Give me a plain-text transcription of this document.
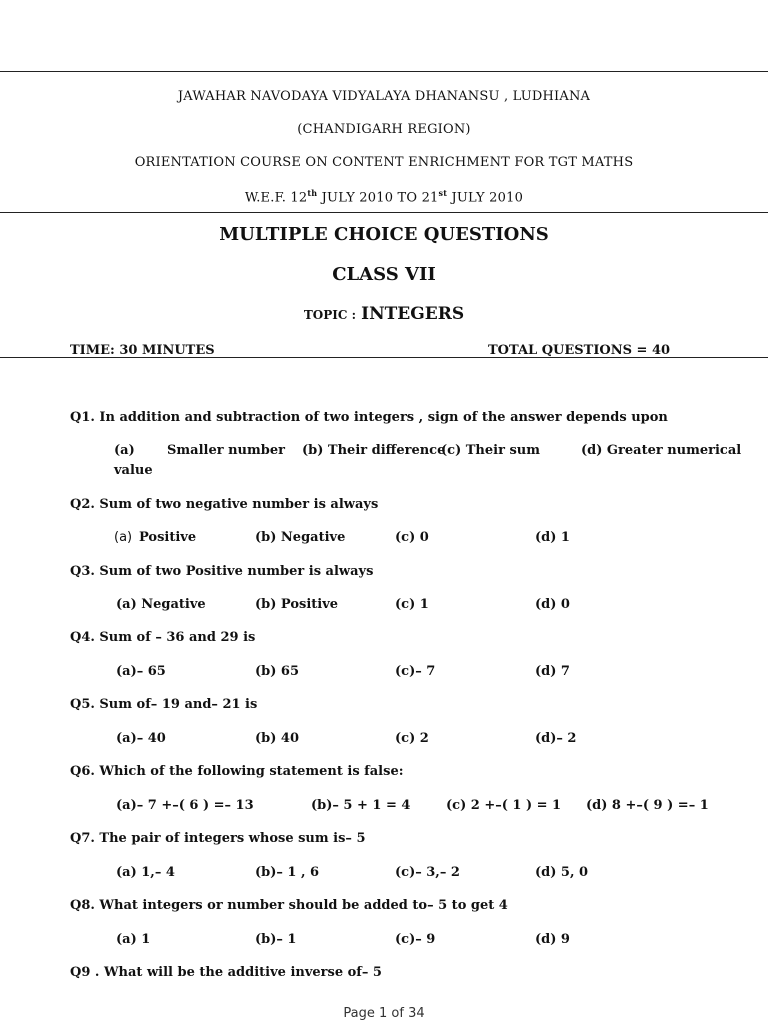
JAWAHAR NAVODAYA VIDYALAYA DHANANSU , LUDHIANA
(CHANDIGARH REGION)
ORIENTATION COURSE ON CONTENT ENRICHMENT FOR TGT MATHS
W.E.F. 12th JULY 2010 TO 21st JULY 2010
MULTIPLE CHOICE QUESTIONS
CLASS VII
TOPIC : INTEGERS
TIME: 30 MINUTES	TOTAL QUESTIONS = 40
Q1. In addition and subtraction of two integers , sign of the answer depends upon
(a) Smaller number (b) Their difference
(c) Their sum	(d) Greater numerical
value
Q2. Sum of two negative number is always
(a) Positive	(b) Negative	(c) 0	(d) 1
Q3. Sum of two Positive number is always
(a) Negative	(b) Positive	(c) 1	(d) 0
Q4. Sum of – 36 and 29 is
(a)– 65	(b) 65	(c)– 7	(d) 7
Q5. Sum of– 19 and– 21 is
(a)– 40	(b) 40	(c) 2	(d)– 2
Q6. Which of the following statement is false:
(a)– 7 +–( 6 ) =– 13	(b)– 5 + 1 = 4	(c) 2 +–( 1 ) = 1 (d) 8 +–( 9 ) =– 1
Q7. The pair of integers whose sum is– 5
(a) 1,– 4	(b)– 1 , 6	(c)– 3,– 2	(d) 5, 0
Q8. What integers or number should be added to– 5 to get 4
(a) 1	(b)– 1	(c)– 9	(d) 9
Q9 . What will be the additive inverse of– 5
Page 1 of 34
